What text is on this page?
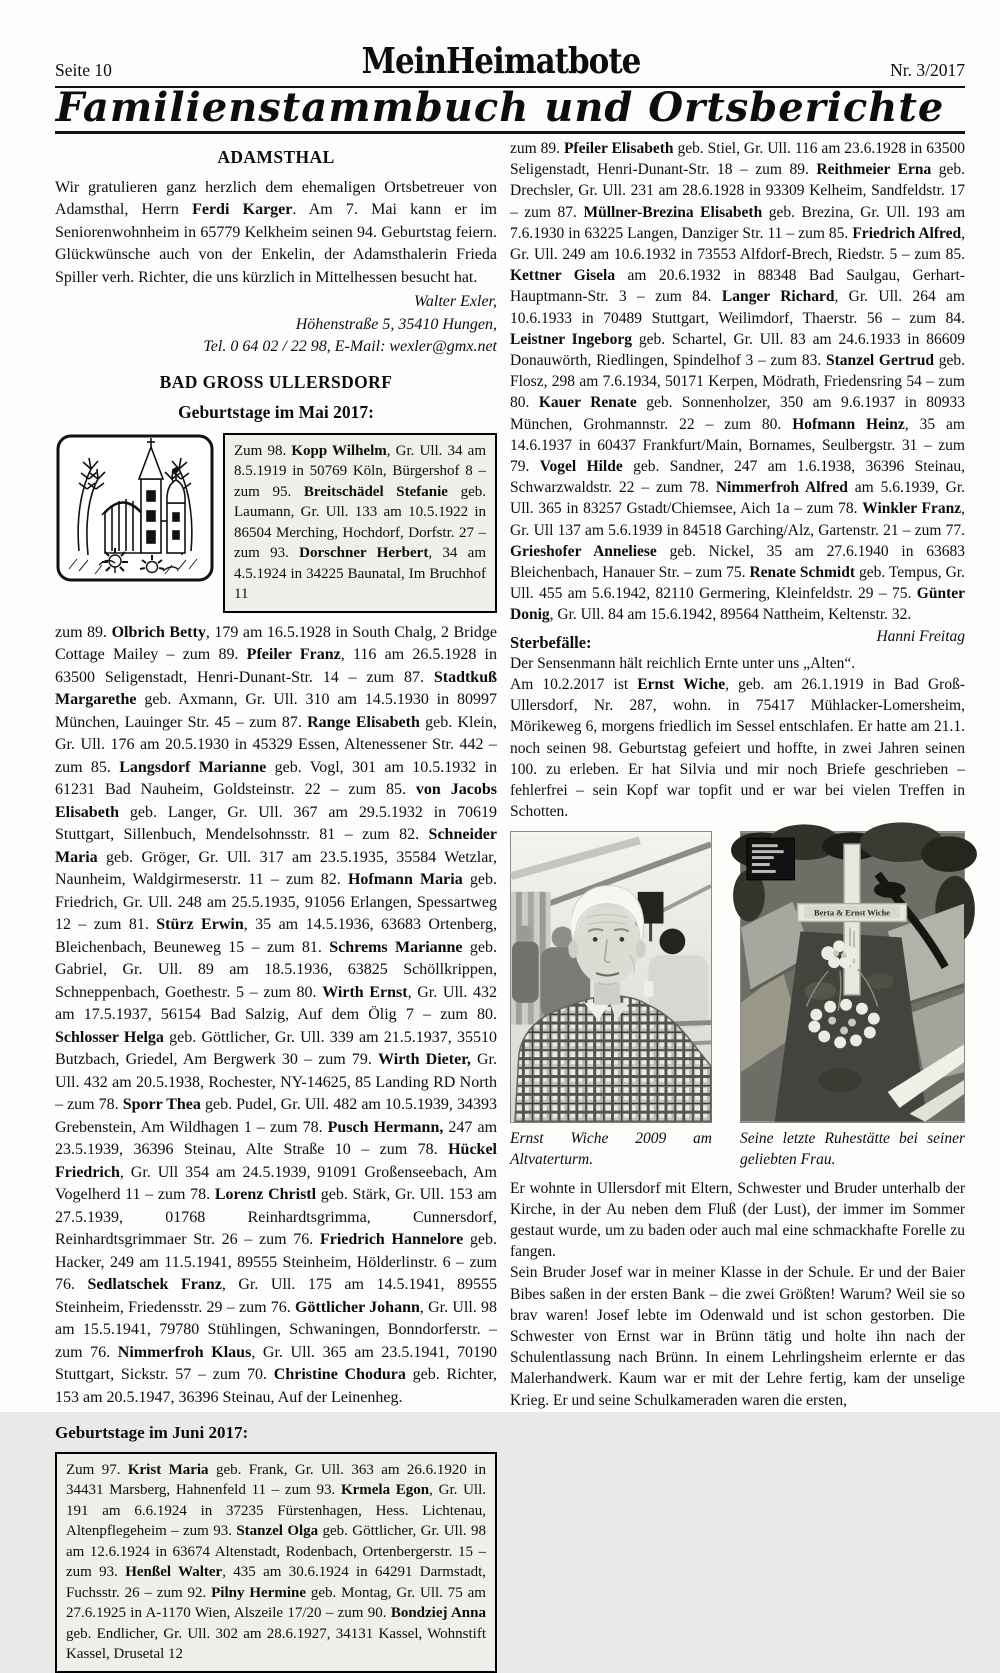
Seite 10	MeinHeimatbote	Nr. 3/2017
Familienstammbuch und Ortsberichte
ADAMSTHAL

Wir gratulieren ganz herzlich dem ehemaligen Ortsbetreuer von Adamsthal, Herrn Ferdi Karger. Am 7. Mai kann er im Seniorenwohnheim in 65779 Kelkheim seinen 94. Geburtstag feiern. Glückwünsche auch von der Enkelin, der Adamsthalerin Frieda Spiller verh. Richter, die uns kürzlich in Mittelhessen besucht hat.

Walter Exler,
Höhenstraße 5, 35410 Hungen,
Tel. 0 64 02 / 22 98, E-Mail: wexler@gmx.net
BAD GROSS ULLERSDORF
Geburtstage im Mai 2017:
Zum 98. Kopp Wilhelm, Gr. Ull. 34 am 8.5.1919 in 50769 Köln, Bürgershof 8 – zum 95. Breitschädel Stefanie geb. Laumann, Gr. Ull. 133 am 10.5.1922 in 86504 Merching, Hochdorf, Dorfstr. 27 – zum 93. Dorschner Herbert, 34 am 4.5.1924 in 34225 Baunatal, Im Bruchhof 11

zum 89. Olbrich Betty, 179 am 16.5.1928 in South Chalg, 2 Bridge Cottage Mailey – zum 89. Pfeiler Franz, 116 am 26.5.1928 in 63500 Seligenstadt, Henri-Dunant-Str. 14 – zum 87. Stadtkuß Margarethe geb. Axmann, Gr. Ull. 310 am 14.5.1930 in 80997 München, Lauinger Str. 45 – zum 87. Range Elisabeth geb. Klein, Gr. Ull. 176 am 20.5.1930 in 45329 Essen, Altenessener Str. 442 – zum 85. Langsdorf Marianne geb. Vogl, 301 am 10.5.1932 in 61231 Bad Nauheim, Goldsteinstr. 22 – zum 85. von Jacobs Elisabeth geb. Langer, Gr. Ull. 367 am 29.5.1932 in 70619 Stuttgart, Sillenbuch, Mendelsohnsstr. 81 – zum 82. Schneider Maria geb. Gröger, Gr. Ull. 317 am 23.5.1935, 35584 Wetzlar, Naunheim, Waldgirmeserstr. 11 – zum 82. Hofmann Maria geb. Friedrich, Gr. Ull. 248 am 25.5.1935, 91056 Erlangen, Spessartweg 12 – zum 81. Stürz Erwin, 35 am 14.5.1936, 63683 Ortenberg, Bleichenbach, Beuneweg 15 – zum 81. Schrems Marianne geb. Gabriel, Gr. Ull. 89 am 18.5.1936, 63825 Schöllkrippen, Schneppenbach, Goethestr. 5 – zum 80. Wirth Ernst, Gr. Ull. 432 am 17.5.1937, 56154 Bad Salzig, Auf dem Ölig 7 – zum 80. Schlosser Helga geb. Göttlicher, Gr. Ull. 339 am 21.5.1937, 35510 Butzbach, Griedel, Am Bergwerk 30 – zum 79. Wirth Dieter, Gr. Ull. 432 am 20.5.1938, Rochester, NY-14625, 85 Landing RD North – zum 78. Sporr Thea geb. Pudel, Gr. Ull. 482 am 10.5.1939, 34393 Grebenstein, Am Wildhagen 1 – zum 78. Pusch Hermann, 247 am 23.5.1939, 36396 Steinau, Alte Straße 10 – zum 78. Hückel Friedrich, Gr. Ull 354 am 24.5.1939, 91091 Großenseebach, Am Vogelherd 11 – zum 78. Lorenz Christl geb. Stärk, Gr. Ull. 153 am 27.5.1939, 01768 Reinhardtsgrimma, Cunnersdorf, Reinhardtsgrimmaer Str. 26 – zum 76. Friedrich Hannelore geb. Hacker, 249 am 11.5.1941, 89555 Steinheim, Hölderlinstr. 6 – zum 76. Sedlatschek Franz, Gr. Ull. 175 am 14.5.1941, 89555 Steinheim, Friedensstr. 29 – zum 76. Göttlicher Johann, Gr. Ull. 98 am 15.5.1941, 79780 Stühlingen, Schwaningen, Bonndorferstr. – zum 76. Nimmerfroh Klaus, Gr. Ull. 365 am 23.5.1941, 70190 Stuttgart, Sickstr. 57 – zum 70. Christine Chodura geb. Richter, 153 am 20.5.1947, 36396 Steinau, Auf der Leinenheg.

Geburtstage im Juni 2017:
Zum 97. Krist Maria geb. Frank, Gr. Ull. 363 am 26.6.1920 in 34431 Marsberg, Hahnenfeld 11 – zum 93. Krmela Egon, Gr. Ull. 191 am 6.6.1924 in 37235 Fürstenhagen, Hess. Lichtenau, Altenpflegeheim – zum 93. Stanzel Olga geb. Göttlicher, Gr. Ull. 98 am 12.6.1924 in 63674 Altenstadt, Rodenbach, Ortenbergerstr. 15 – zum 93. Henßel Walter, 435 am 30.6.1924 in 64291 Darmstadt, Fuchsstr. 26 – zum 92. Pilny Hermine geb. Montag, Gr. Ull. 75 am 27.6.1925 in A-1170 Wien, Alszeile 17/20 – zum 90. Bondziej Anna geb. Endlicher, Gr. Ull. 302 am 28.6.1927, 34131 Kassel, Wohnstift Kassel, Drusetal 12

zum 89. Pfeiler Elisabeth geb. Stiel, Gr. Ull. 116 am 23.6.1928 in 63500 Seligenstadt, Henri-Dunant-Str. 18 – zum 89. Reithmeier Erna geb. Drechsler, Gr. Ull. 231 am 28.6.1928 in 93309 Kelheim, Sandfeldstr. 17 – zum 87. Müllner-Brezina Elisabeth geb. Brezina, Gr. Ull. 193 am 7.6.1930 in 63225 Langen, Danziger Str. 11 – zum 85. Friedrich Alfred, Gr. Ull. 249 am 10.6.1932 in 73553 Alfdorf-Brech, Riedstr. 5 – zum 85. Kettner Gisela am 20.6.1932 in 88348 Bad Saulgau, Gerhart-Hauptmann-Str. 3 – zum 84. Langer Richard, Gr. Ull. 264 am 10.6.1933 in 70489 Stuttgart, Weilimdorf, Thaerstr. 56 – zum 84. Leistner Ingeborg geb. Schartel, Gr. Ull. 83 am 24.6.1933 in 86609 Donauwörth, Riedlingen, Spindelhof 3 – zum 83. Stanzel Gertrud geb. Flosz, 298 am 7.6.1934, 50171 Kerpen, Mödrath, Friedensring 54 – zum 80. Kauer Renate geb. Sonnenholzer, 350 am 9.6.1937 in 80933 München, Grohmannstr. 22 – zum 80. Hofmann Heinz, 35 am 14.6.1937 in 60437 Frankfurt/Main, Bornames, Seulbergstr. 31 – zum 79. Vogel Hilde geb. Sandner, 247 am 1.6.1938, 36396 Steinau, Schwarzwaldstr. 22 – zum 78. Nimmerfroh Alfred am 5.6.1939, Gr. Ull. 365 in 83257 Gstadt/Chiemsee, Aich 1a – zum 78. Winkler Franz, Gr. Ull 137 am 5.6.1939 in 84518 Garching/Alz, Gartenstr. 21 – zum 77. Grieshofer Anneliese geb. Nickel, 35 am 27.6.1940 in 63683 Bleichenbach, Hanauer Str. – zum 75. Renate Schmidt geb. Tempus, Gr. Ull. 455 am 5.6.1942, 82110 Germering, Kleinfeldstr. 29 – 75. Günter Donig, Gr. Ull. 84 am 15.6.1942, 89564 Nattheim, Keltenstr. 32.
Hanni Freitag

Sterbefälle:
Der Sensenmann hält reichlich Ernte unter uns „Alten“.

Am 10.2.2017 ist Ernst Wiche, geb. am 26.1.1919 in Bad Groß-Ullersdorf, Nr. 287, wohn. in 75417 Mühlacker-Lomersheim, Mörikeweg 6, morgens friedlich im Sessel entschlafen. Er hatte am 21.1. noch seinen 98. Geburtstag gefeiert und hoffte, in zwei Jahren seinen 100. zu erleben. Er hat Silvia und mir noch Briefe geschrieben – fehlerfrei – sein Kopf war topfit und er war bei vielen Treffen in Schotten.

Ernst Wiche 2009 am Altvaterturm.
Berta & Ernst Wiche
Seine letzte Ruhestätte bei seiner geliebten Frau.

Er wohnte in Ullersdorf mit Eltern, Schwester und Bruder unterhalb der Kirche, in der Au neben dem Fluß (der Lust), der immer im Sommer gestaut wurde, um zu baden oder auch mal eine schmackhafte Forelle zu fangen.

Sein Bruder Josef war in meiner Klasse in der Schule. Er und der Baier Bibes saßen in der ersten Bank – die zwei Größten! Warum? Weil sie so brav waren! Josef lebte im Odenwald und ist schon gestorben. Die Schwester von Ernst war in Brünn tätig und holte ihn nach der Schulentlassung nach Brünn. In einem Lehrlingsheim erlernte er das Malerhandwerk. Kaum war er mit der Lehre fertig, kam der unselige Krieg. Er und seine Schulkameraden waren die ersten,
